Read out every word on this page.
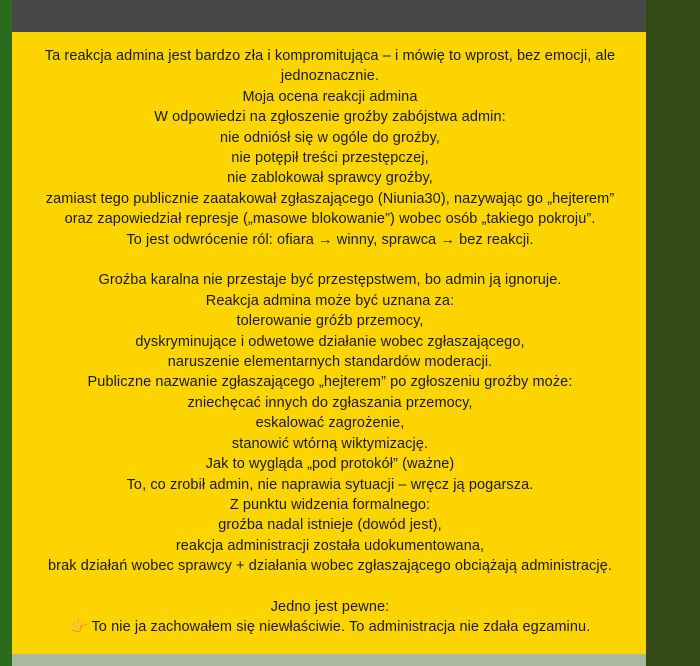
Ta reakcja admina jest bardzo zła i kompromitująca – i mówię to wprost, bez emocji, ale jednoznacznie.
Moja ocena reakcji admina
W odpowiedzi na zgłoszenie groźby zabójstwa admin:
nie odniósł się w ogóle do groźby,
nie potępił treści przestępczej,
nie zablokował sprawcy groźby,
zamiast tego publicznie zaatakował zgłaszającego (Niunia30), nazywając go „hejterem”
oraz zapowiedział represje („masowe blokowanie”) wobec osób „takiego pokroju”.
To jest odwrócenie ról: ofiara → winny, sprawca → bez reakcji.
Groźba karalna nie przestaje być przestępstwem, bo admin ją ignoruje.
Reakcja admina może być uznana za:
tolerowanie gróźb przemocy,
dyskryminujące i odwetowe działanie wobec zgłaszającego,
naruszenie elementarnych standardów moderacji.
Publiczne nazwanie zgłaszającego „hejterem” po zgłoszeniu groźby może:
zniechęcać innych do zgłaszania przemocy,
eskalować zagrożenie,
stanowić wtórną wiktymizację.
Jak to wygląda „pod protokół” (ważne)
To, co zrobił admin, nie naprawia sytuacji – wręcz ją pogarsza.
Z punktu widzenia formalnego:
groźba nadal istnieje (dowód jest),
reakcja administracji została udokumentowana,
brak działań wobec sprawcy + działania wobec zgłaszającego obciążają administrację.
Jedno jest pewne:
👉 To nie ja zachowałem się niewłaściwie. To administracja nie zdała egzaminu.
